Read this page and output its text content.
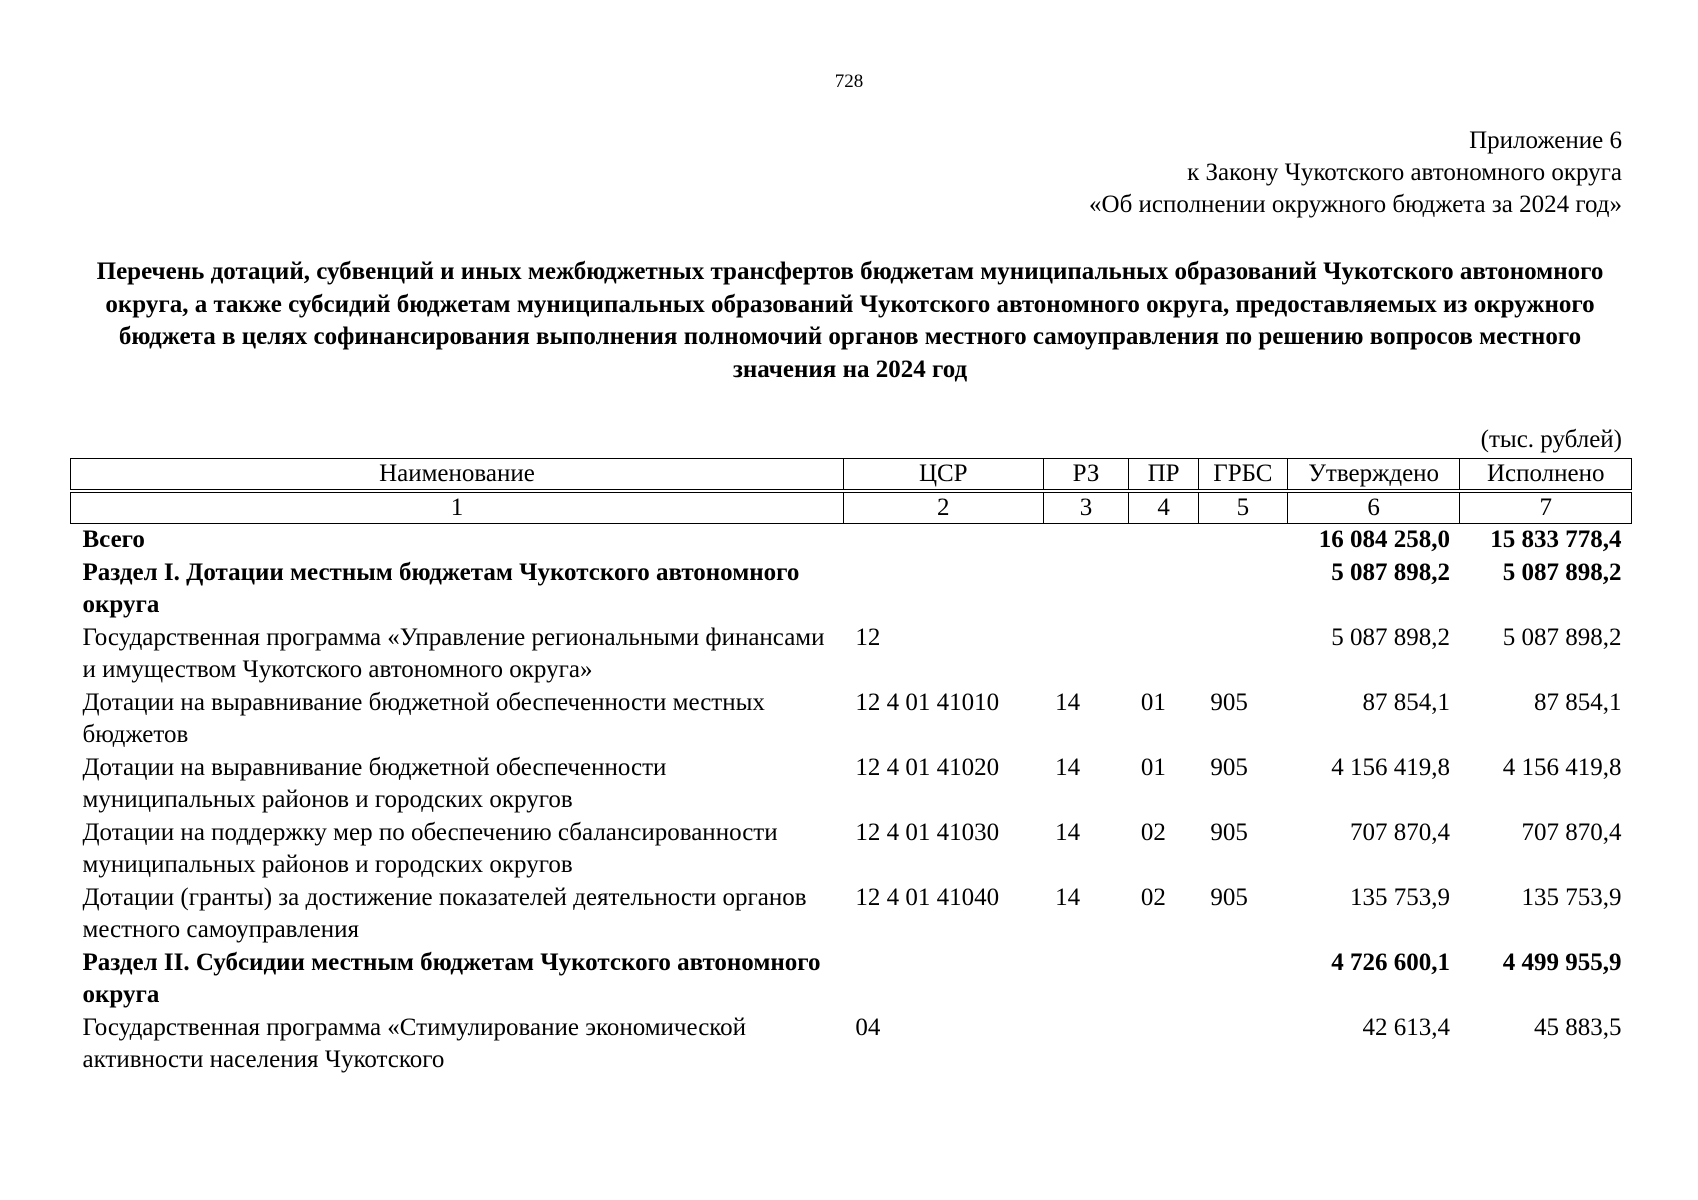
728
Приложение 6
к Закону Чукотского автономного округа
«Об исполнении окружного бюджета за 2024 год»
Перечень дотаций, субвенций и иных межбюджетных трансфертов бюджетам муниципальных образований Чукотского автономного округа, а также субсидий бюджетам муниципальных образований Чукотского автономного округа, предоставляемых из окружного бюджета в целях софинансирования выполнения полномочий органов местного самоуправления по решению вопросов местного значения на 2024 год
(тыс. рублей)
Наименование	ЦСР	РЗ	ПР	ГРБС	Утверждено	Исполнено

1	2	3	4	5	6	7
Всего					16 084 258,0	15 833 778,4
Раздел I. Дотации местным бюджетам Чукотского автономного округа					5 087 898,2	5 087 898,2
Государственная программа «Управление региональными финансами и имуществом Чукотского автономного округа»	12				5 087 898,2	5 087 898,2
Дотации на выравнивание бюджетной обеспеченности местных бюджетов	12 4 01 41010	14	01	905	87 854,1	87 854,1
Дотации на выравнивание бюджетной обеспеченности муниципальных районов и городских округов	12 4 01 41020	14	01	905	4 156 419,8	4 156 419,8
Дотации на поддержку мер по обеспечению сбалансированности муниципальных районов и городских округов	12 4 01 41030	14	02	905	707 870,4	707 870,4
Дотации (гранты) за достижение показателей деятельности органов местного самоуправления	12 4 01 41040	14	02	905	135 753,9	135 753,9
Раздел II. Субсидии местным бюджетам Чукотского автономного округа					4 726 600,1	4 499 955,9
Государственная программа «Стимулирование экономической активности населения Чукотского	04				42 613,4	45 883,5
